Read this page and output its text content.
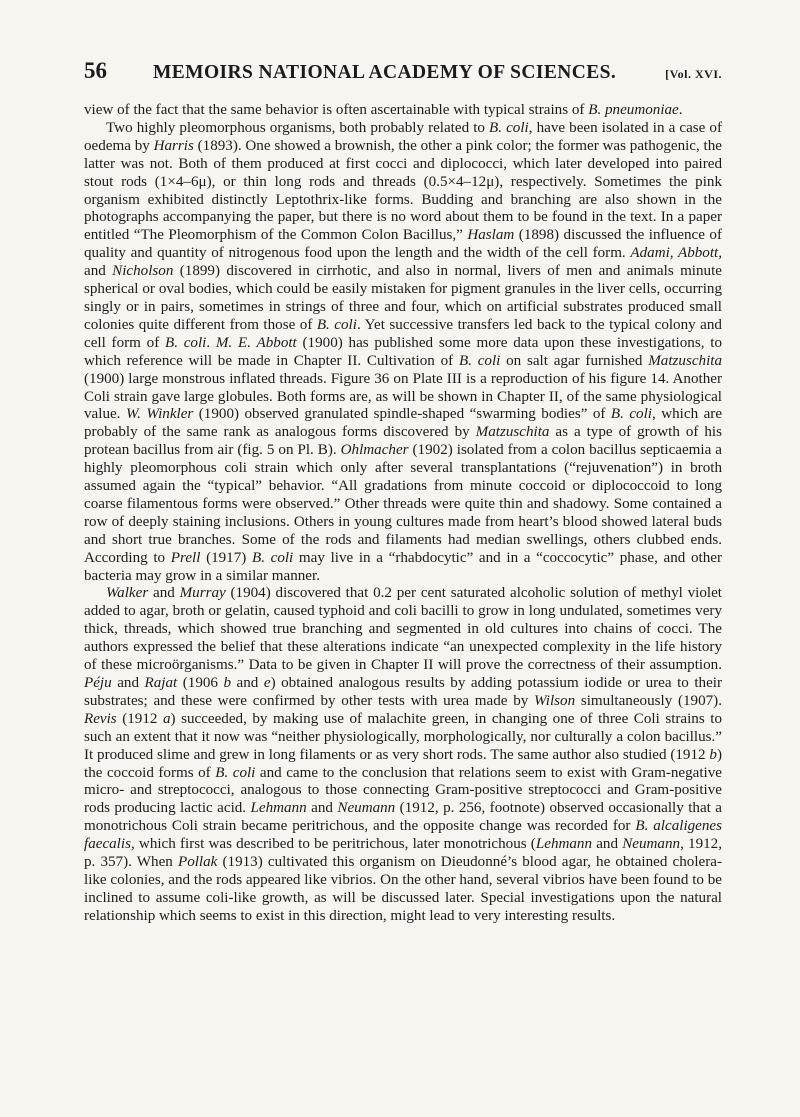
56	MEMOIRS NATIONAL ACADEMY OF SCIENCES.	[Vol. XVI.

view of the fact that the same behavior is often ascertainable with typical strains of B. pneumoniae.

Two highly pleomorphous organisms, both probably related to B. coli, have been isolated in a case of oedema by Harris (1893). One showed a brownish, the other a pink color; the former was pathogenic, the latter was not. Both of them produced at first cocci and diplococci, which later developed into paired stout rods (1×4–6μ), or thin long rods and threads (0.5×4–12μ), respectively. Sometimes the pink organism exhibited distinctly Leptothrix-like forms. Budding and branching are also shown in the photographs accompanying the paper, but there is no word about them to be found in the text. In a paper entitled “The Pleomorphism of the Common Colon Bacillus,” Haslam (1898) discussed the influence of quality and quantity of nitrogenous food upon the length and the width of the cell form. Adami, Abbott, and Nicholson (1899) discovered in cirrhotic, and also in normal, livers of men and animals minute spherical or oval bodies, which could be easily mistaken for pigment granules in the liver cells, occurring singly or in pairs, sometimes in strings of three and four, which on artificial substrates produced small colonies quite different from those of B. coli. Yet successive transfers led back to the typical colony and cell form of B. coli. M. E. Abbott (1900) has published some more data upon these investigations, to which reference will be made in Chapter II. Cultivation of B. coli on salt agar furnished Matzuschita (1900) large monstrous inflated threads. Figure 36 on Plate III is a reproduction of his figure 14. Another Coli strain gave large globules. Both forms are, as will be shown in Chapter II, of the same physiological value. W. Winkler (1900) observed granulated spindle-shaped “swarming bodies” of B. coli, which are probably of the same rank as analogous forms discovered by Matzuschita as a type of growth of his protean bacillus from air (fig. 5 on Pl. B). Ohlmacher (1902) isolated from a colon bacillus septicaemia a highly pleomorphous coli strain which only after several transplantations (“rejuvenation”) in broth assumed again the “typical” behavior. “All gradations from minute coccoid or diplococcoid to long coarse filamentous forms were observed.” Other threads were quite thin and shadowy. Some contained a row of deeply staining inclusions. Others in young cultures made from heart’s blood showed lateral buds and short true branches. Some of the rods and filaments had median swellings, others clubbed ends. According to Prell (1917) B. coli may live in a “rhabdocytic” and in a “coccocytic” phase, and other bacteria may grow in a similar manner.

Walker and Murray (1904) discovered that 0.2 per cent saturated alcoholic solution of methyl violet added to agar, broth or gelatin, caused typhoid and coli bacilli to grow in long undulated, sometimes very thick, threads, which showed true branching and segmented in old cultures into chains of cocci. The authors expressed the belief that these alterations indicate “an unexpected complexity in the life history of these microörganisms.” Data to be given in Chapter II will prove the correctness of their assumption. Péju and Rajat (1906 b and e) obtained analogous results by adding potassium iodide or urea to their substrates; and these were confirmed by other tests with urea made by Wilson simultaneously (1907). Revis (1912 a) succeeded, by making use of malachite green, in changing one of three Coli strains to such an extent that it now was “neither physiologically, morphologically, nor culturally a colon bacillus.” It produced slime and grew in long filaments or as very short rods. The same author also studied (1912 b) the coccoid forms of B. coli and came to the conclusion that relations seem to exist with Gram-negative micro- and streptococci, analogous to those connecting Gram-positive streptococci and Gram-positive rods producing lactic acid. Lehmann and Neumann (1912, p. 256, footnote) observed occasionally that a monotrichous Coli strain became peritrichous, and the opposite change was recorded for B. alcaligenes faecalis, which first was described to be peritrichous, later monotrichous (Lehmann and Neumann, 1912, p. 357). When Pollak (1913) cultivated this organism on Dieudonné’s blood agar, he obtained cholera-like colonies, and the rods appeared like vibrios. On the other hand, several vibrios have been found to be inclined to assume coli-like growth, as will be discussed later. Special investigations upon the natural relationship which seems to exist in this direction, might lead to very interesting results.
